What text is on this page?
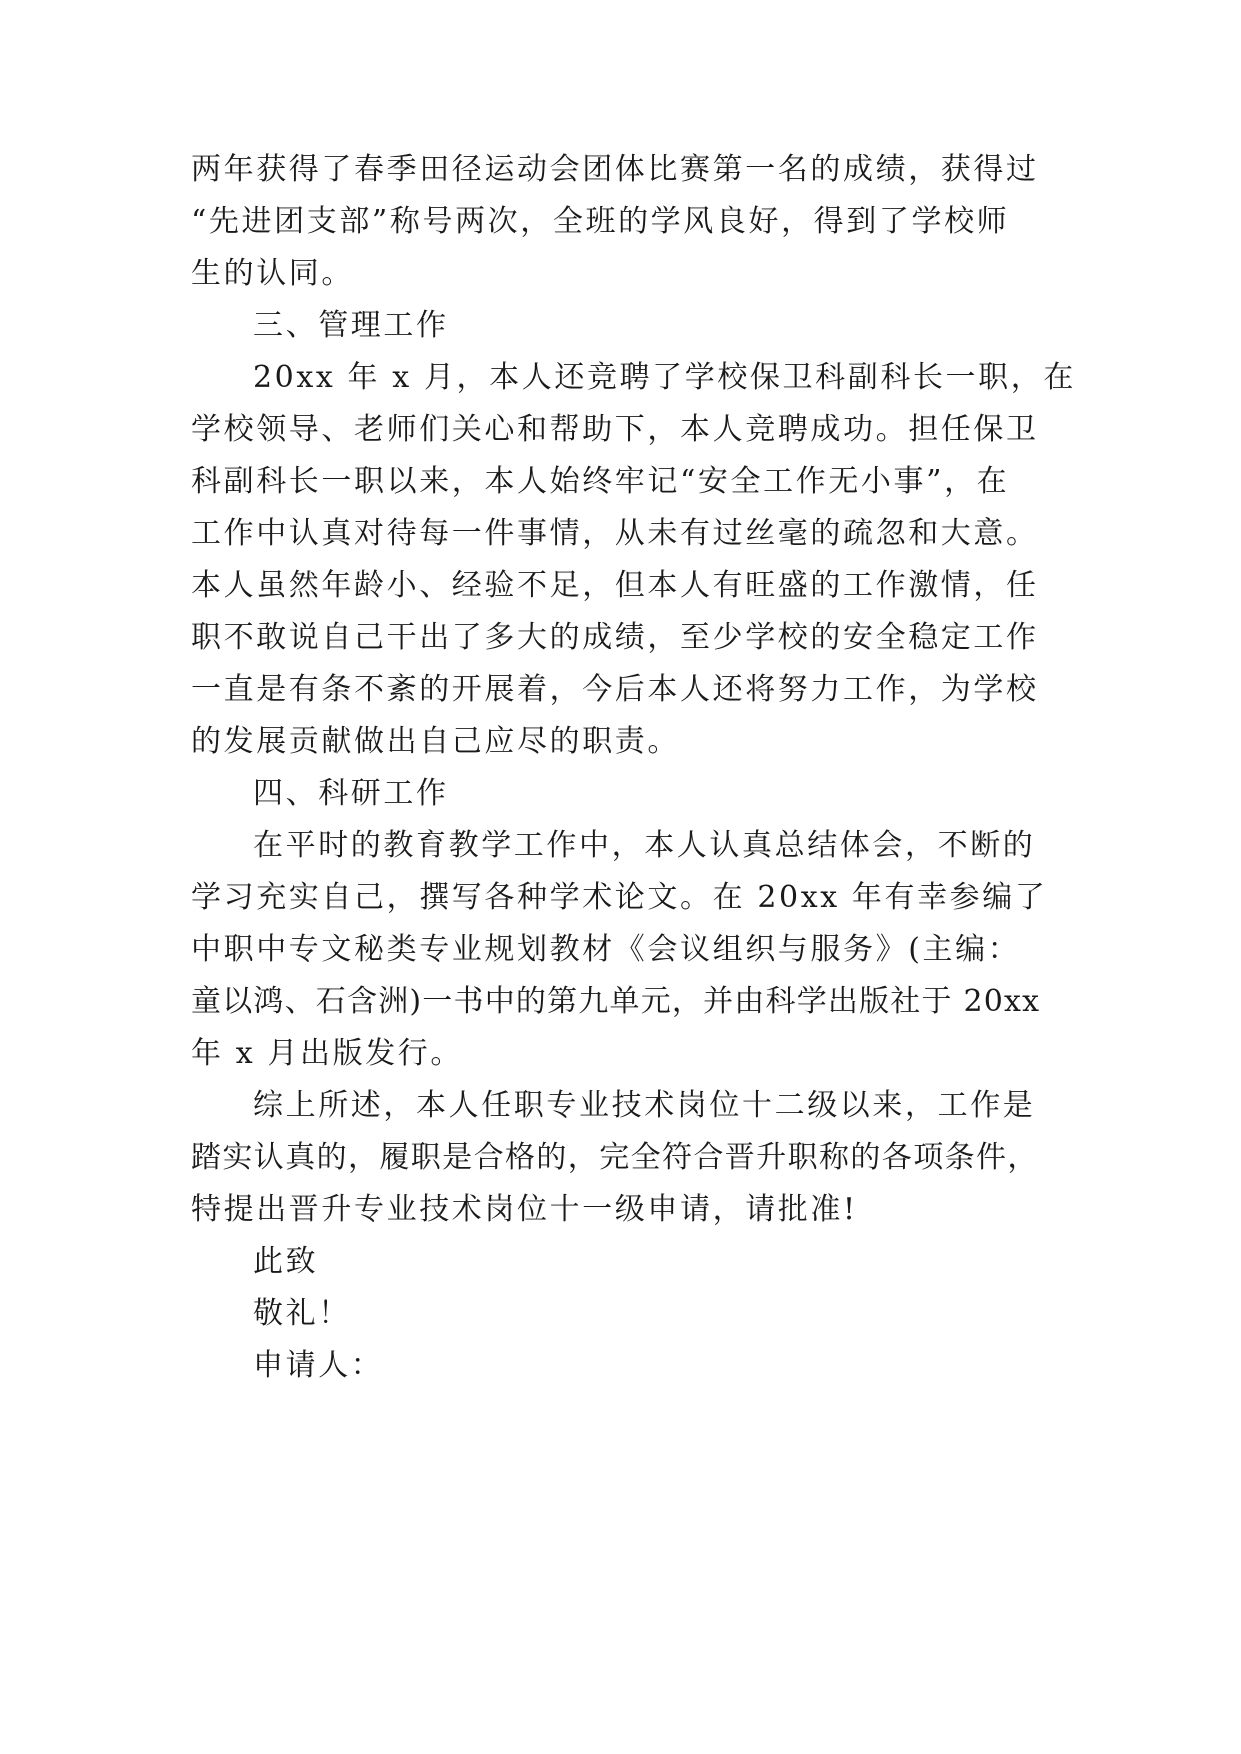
两年获得了春季田径运动会团体比赛第一名的成绩，获得过

“先进团支部”称号两次，全班的学风良好，得到了学校师

生的认同。

三、管理工作

20xx 年 x 月，本人还竞聘了学校保卫科副科长一职，在

学校领导、老师们关心和帮助下，本人竞聘成功。担任保卫

科副科长一职以来，本人始终牢记“安全工作无小事”，在

工作中认真对待每一件事情，从未有过丝毫的疏忽和大意。

本人虽然年龄小、经验不足，但本人有旺盛的工作激情，任

职不敢说自己干出了多大的成绩，至少学校的安全稳定工作

一直是有条不紊的开展着，今后本人还将努力工作，为学校

的发展贡献做出自己应尽的职责。

四、科研工作

在平时的教育教学工作中，本人认真总结体会，不断的

学习充实自己，撰写各种学术论文。在 20xx 年有幸参编了

中职中专文秘类专业规划教材《会议组织与服务》(主编：

童以鸿、石含洲)一书中的第九单元，并由科学出版社于 20xx

年 x 月出版发行。

综上所述，本人任职专业技术岗位十二级以来，工作是

踏实认真的，履职是合格的，完全符合晋升职称的各项条件，

特提出晋升专业技术岗位十一级申请，请批准!

此致

敬礼！

申请人：
